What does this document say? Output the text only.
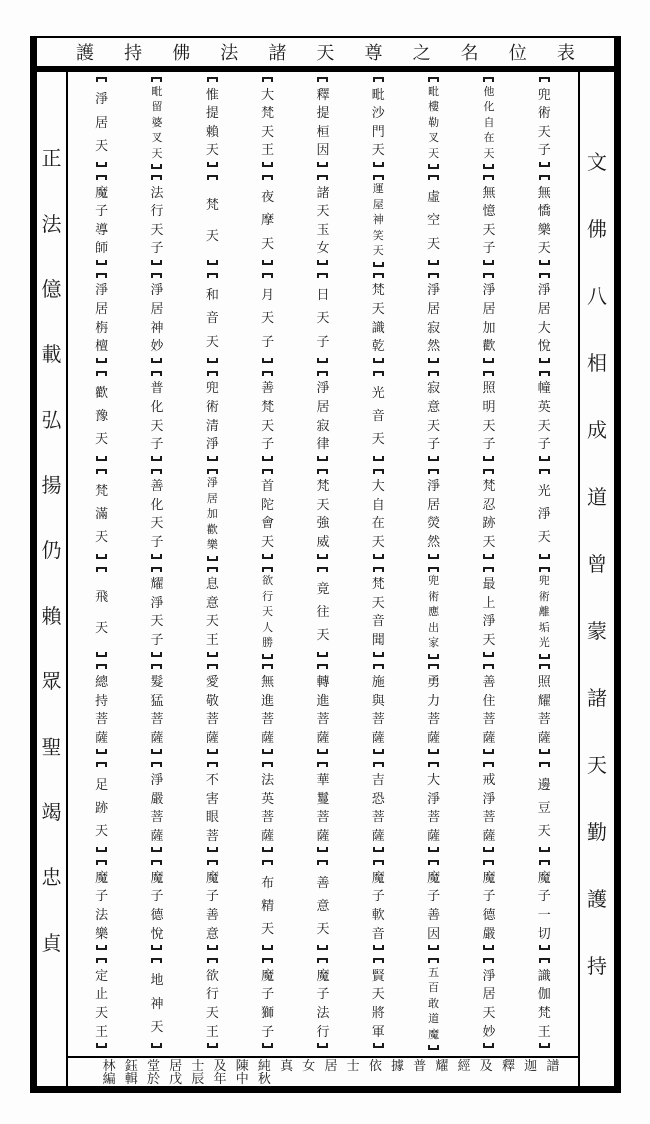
護 持 佛 法 諸 天 尊 之 名 位 表
正
法
億
載
弘
揚
仍
賴
眾
聖
竭
忠
貞
淨
居
天
魔
子
導
師
淨
居
栴
檀
歡
豫
天
梵
滿
天
飛
天
總
持
菩
薩
足
跡
天
魔
子
法
樂
定
止
天
王
毗
留
婆
叉
天
法
行
天
子
淨
居
神
妙
普
化
天
子
善
化
天
子
耀
淨
天
子
髮
猛
菩
薩
淨
嚴
菩
薩
魔
子
德
悅
地
神
天
惟
提
賴
天
梵
天
和
音
天
兜
術
清
淨
淨
居
加
歡
樂
息
意
天
王
愛
敬
菩
薩
不
害
眼
菩
魔
子
善
意
欲
行
天
王
大
梵
天
王
夜
摩
天
月
天
子
善
梵
天
子
首
陀
會
天
欲
行
天
人
勝
無
進
菩
薩
法
英
菩
薩
布
精
天
魔
子
獅
子
釋
提
桓
因
諸
天
玉
女
日
天
子
淨
居
寂
律
梵
天
強
威
竟
往
天
轉
進
菩
薩
華
鬘
菩
薩
善
意
天
魔
子
法
行
毗
沙
門
天
運
屋
神
笑
天
梵
天
識
乾
光
音
天
大
自
在
天
梵
天
音
聞
施
與
菩
薩
吉
恐
菩
薩
魔
子
軟
音
賢
天
將
軍
毗
樓
勒
叉
天
虛
空
天
淨
居
寂
然
寂
意
天
子
淨
居
熒
然
兜
術
應
出
家
勇
力
菩
薩
大
淨
菩
薩
魔
子
善
因
五
百
敢
道
魔
他
化
自
在
天
無
憶
天
子
淨
居
加
歡
照
明
天
子
梵
忍
跡
天
最
上
淨
天
善
住
菩
薩
戒
淨
菩
薩
魔
子
德
嚴
淨
居
天
妙
兜
術
天
子
無
憍
樂
天
淨
居
大
悅
幢
英
天
子
光
淨
天
兜
術
離
垢
光
照
耀
菩
薩
邊
豆
天
魔
子
一
切
識
伽
梵
王
林 鈺 堂 居 士 及 陳 純 真 女 居 士 依 據 普 耀 經 及 釋 迦 譜
編 輯 於 戊 辰 年 中 秋
文
佛
八
相
成
道
曾
蒙
諸
天
勤
護
持
